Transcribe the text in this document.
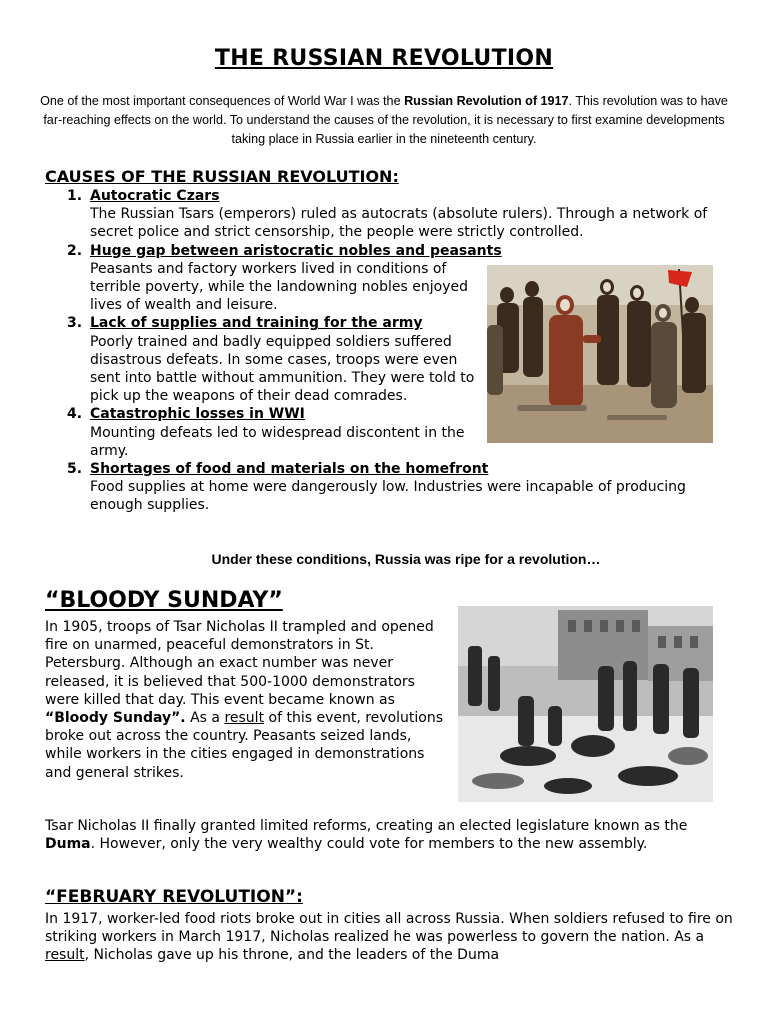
THE RUSSIAN REVOLUTION
One of the most important consequences of World War I was the Russian Revolution of 1917. This revolution was to have far-reaching effects on the world. To understand the causes of the revolution, it is necessary to first examine developments taking place in Russia earlier in the nineteenth century.
CAUSES OF THE RUSSIAN REVOLUTION:
1. Autocratic Czars
The Russian Tsars (emperors) ruled as autocrats (absolute rulers). Through a network of secret police and strict censorship, the people were strictly controlled.
2. Huge gap between aristocratic nobles and peasants
Peasants and factory workers lived in conditions of terrible poverty, while the landowning nobles enjoyed lives of wealth and leisure.
3. Lack of supplies and training for the army
Poorly trained and badly equipped soldiers suffered disastrous defeats. In some cases, troops were even sent into battle without ammunition. They were told to pick up the weapons of their dead comrades.
4. Catastrophic losses in WWI
Mounting defeats led to widespread discontent in the army.
5. Shortages of food and materials on the homefront
Food supplies at home were dangerously low. Industries were incapable of producing enough supplies.
Under these conditions, Russia was ripe for a revolution…
“BLOODY SUNDAY”
In 1905, troops of Tsar Nicholas II trampled and opened fire on unarmed, peaceful demonstrators in St. Petersburg. Although an exact number was never released, it is believed that 500-1000 demonstrators were killed that day. This event became known as “Bloody Sunday”. As a result of this event, revolutions broke out across the country. Peasants seized lands, while workers in the cities engaged in demonstrations and general strikes.
Tsar Nicholas II finally granted limited reforms, creating an elected legislature known as the Duma. However, only the very wealthy could vote for members to the new assembly.
“FEBRUARY REVOLUTION”:
In 1917, worker-led food riots broke out in cities all across Russia. When soldiers refused to fire on striking workers in March 1917, Nicholas realized he was powerless to govern the nation. As a result, Nicholas gave up his throne, and the leaders of the Duma
